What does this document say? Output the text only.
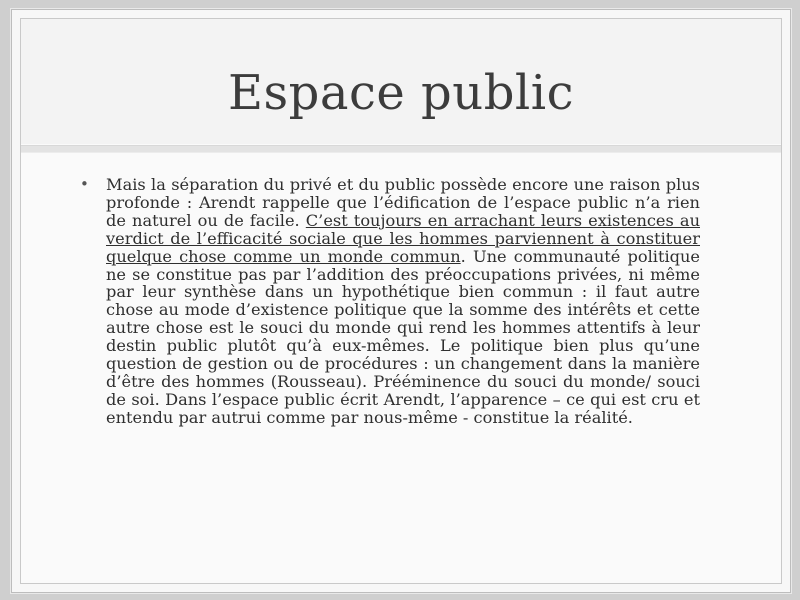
Espace public
• Mais la séparation du privé et du public possède encore une raison plus profonde : Arendt rappelle que l’édification de l’espace public n’a rien de naturel ou de facile. C’est toujours en arrachant leurs existences au verdict de l’efficacité sociale que les hommes parviennent à constituer quelque chose comme un monde commun. Une communauté politique ne se constitue pas par l’addition des préoccupations privées, ni même par leur synthèse dans un hypothétique bien commun : il faut autre chose au mode d’existence politique que la somme des intérêts et cette autre chose est le souci du monde qui rend les hommes attentifs à leur destin public plutôt qu’à eux-mêmes. Le politique bien plus qu’une question de gestion ou de procédures : un changement dans la manière d’être des hommes (Rousseau). Prééminence du souci du monde/ souci de soi. Dans l’espace public écrit Arendt, l’apparence – ce qui est cru et entendu par autrui comme par nous-même - constitue la réalité.
